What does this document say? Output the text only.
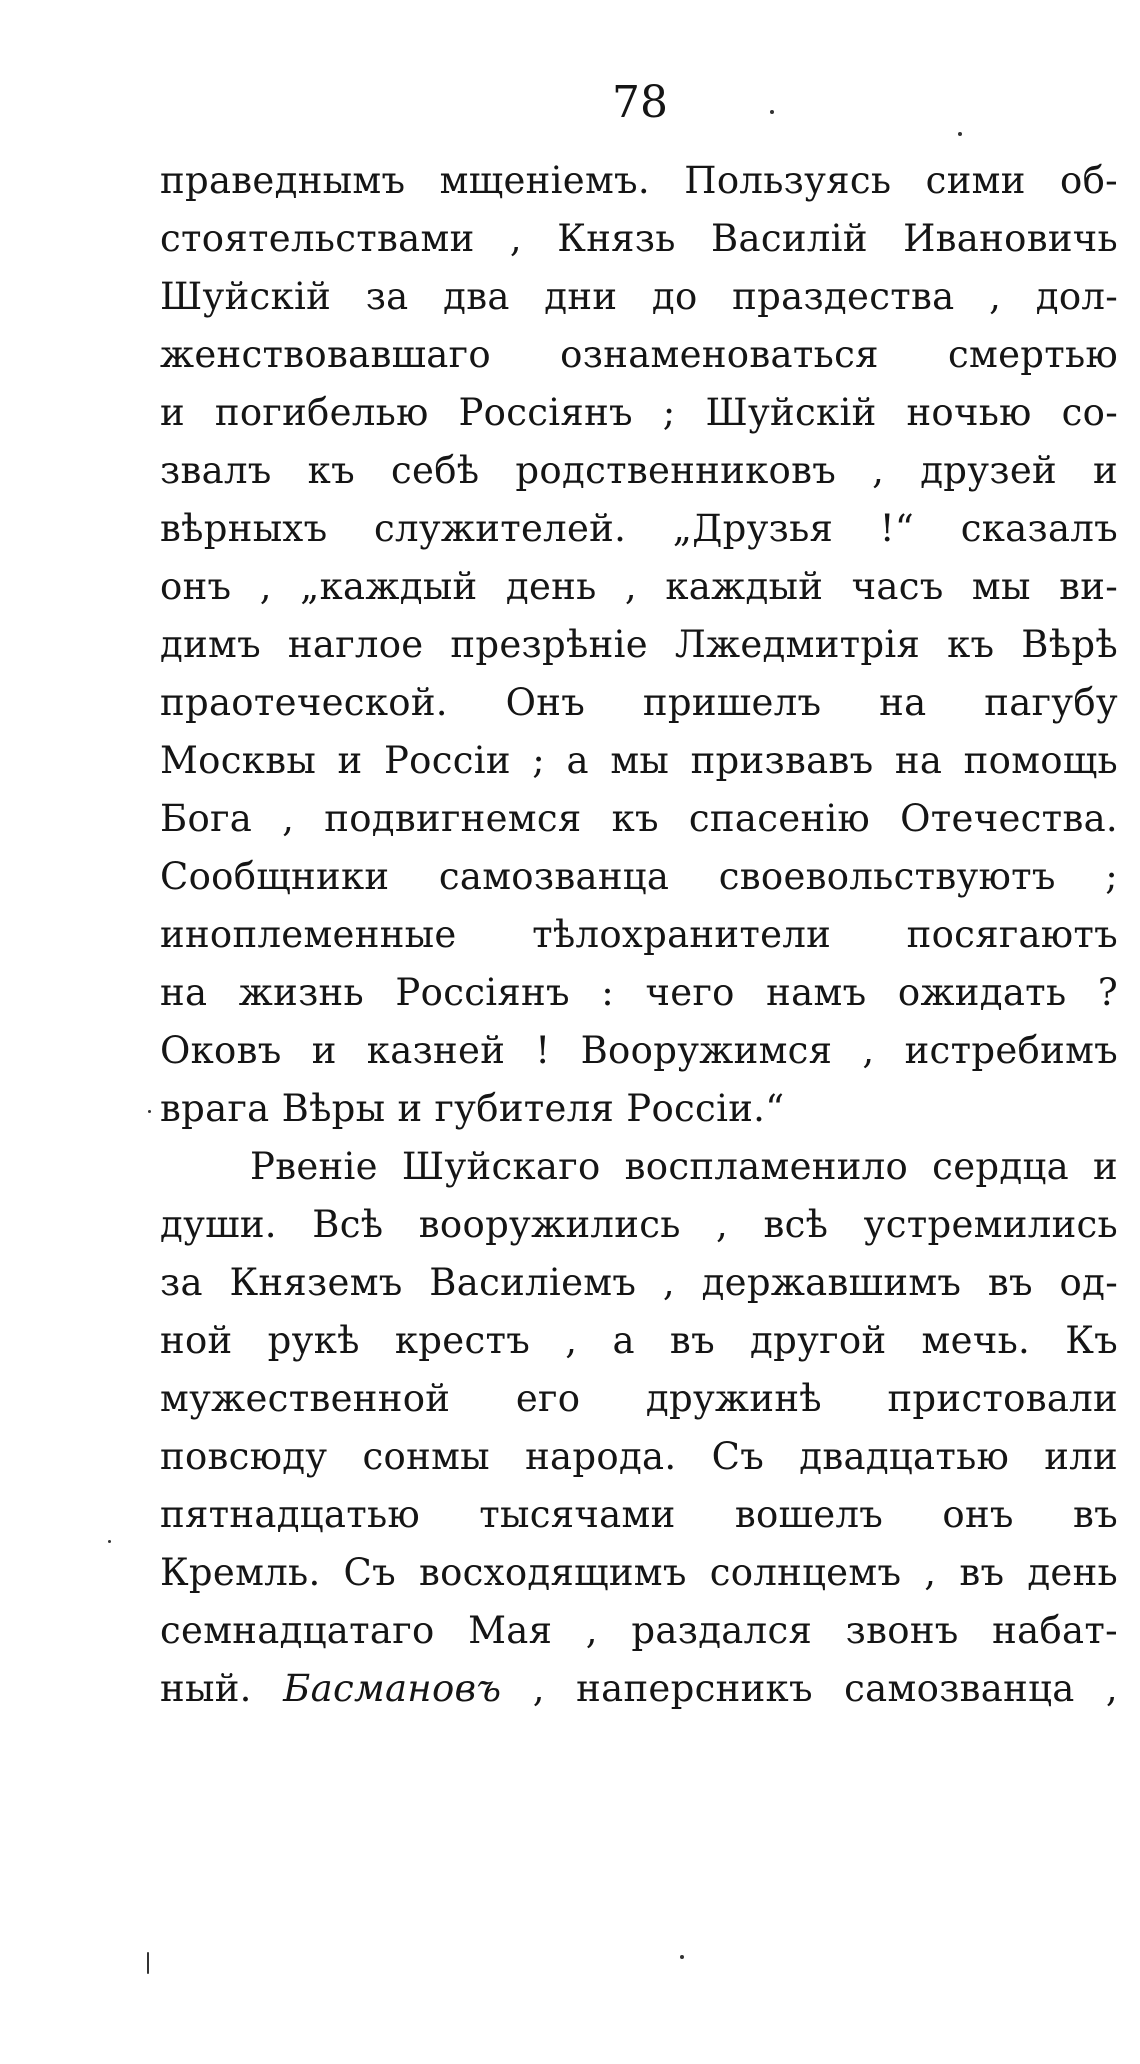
78
праведнымъ мщеніемъ. Пользуясь сими об-
стоятельствами , Князь Василій Ивановичь
Шуйскій за два дни до праздества , дол-
женствовавшаго ознаменоваться смертью
и погибелью Россіянъ ; Шуйскій ночью со-
звалъ къ себѣ родственниковъ , друзей и
вѣрныхъ служителей. „Друзья !“ сказалъ
онъ , „каждый день , каждый часъ мы ви-
димъ наглое презрѣніе Лжедмитрія къ Вѣрѣ
праотеческой. Онъ пришелъ на пагубу
Москвы и Россіи ; а мы призвавъ на помощь
Бога , подвигнемся къ спасенію Отечества.
Сообщники самозванца своевольствуютъ ;
иноплеменные тѣлохранители посягаютъ
на жизнь Россіянъ : чего намъ ожидать ?
Оковъ и казней ! Вооружимся , истребимъ
врага Вѣры и губителя Россіи.“
Рвеніе Шуйскаго воспламенило сердца и
души. Всѣ вооружились , всѣ устремились
за Княземъ Василіемъ , державшимъ въ од-
ной рукѣ крестъ , а въ другой мечь. Къ
мужественной его дружинѣ пристовали
повсюду сонмы народа. Съ двадцатью или
пятнадцатью тысячами вошелъ онъ въ
Кремль. Съ восходящимъ солнцемъ , въ день
семнадцатаго Мая , раздался звонъ набат-
ный. Басмановъ , наперсникъ самозванца ,
